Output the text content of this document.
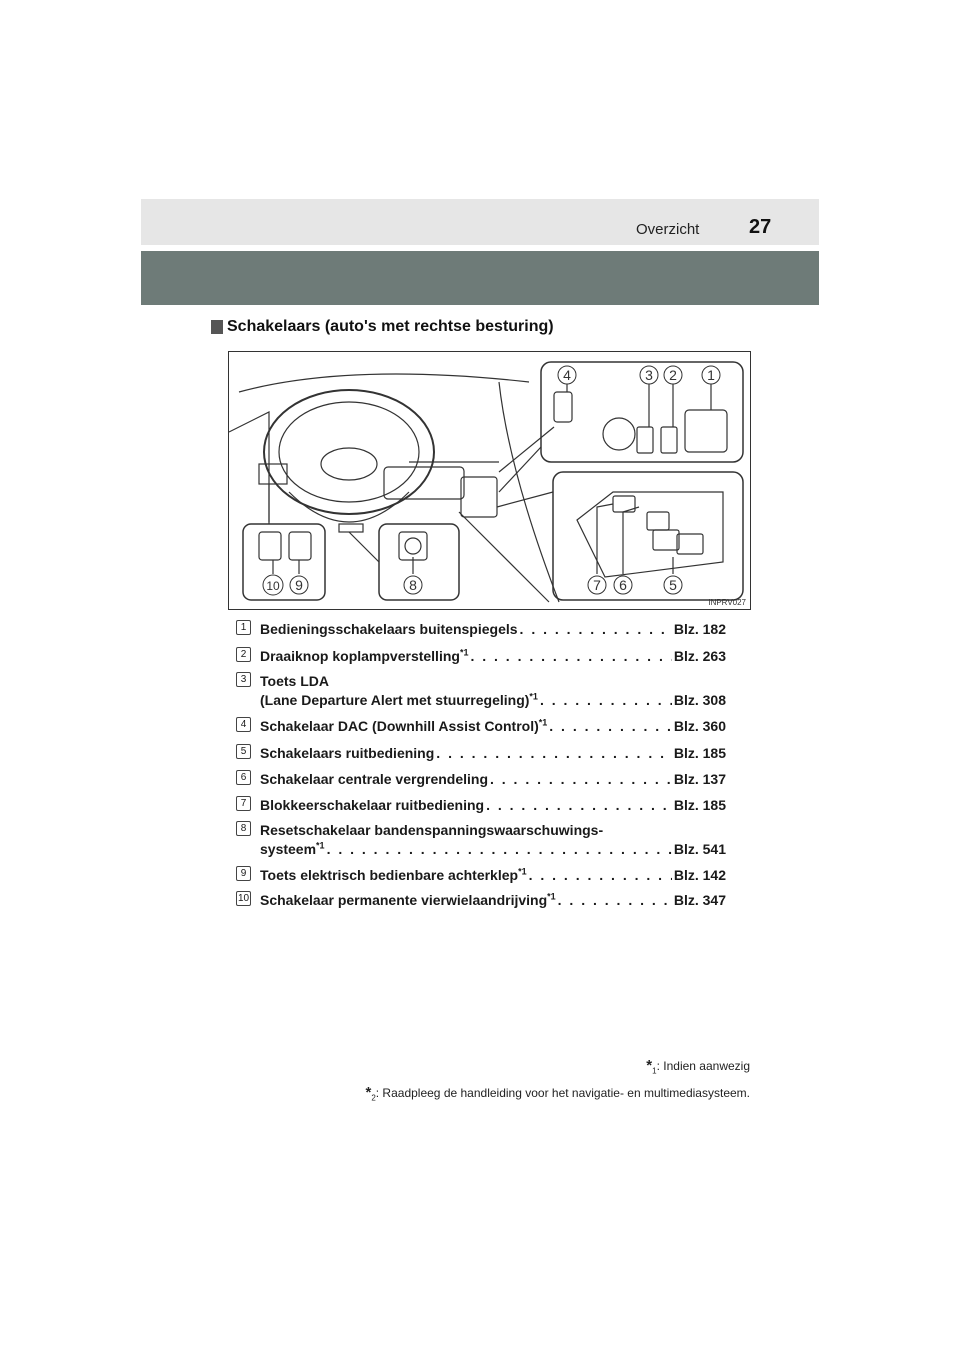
Overzicht 27
Schakelaars (auto's met rechtse besturing)
4	3 2 1
7 6	5
10 9	8
INPRV027
1 Bedieningsschakelaars buitenspiegels . . .	Blz. 182
2 Draaiknop koplampverstelling$^{*1}$ . . .	Blz. 263
3 Toets LDA
(Lane Departure Alert met stuurregeling)$^{*1}$ . . .	Blz. 308
4 Schakelaar DAC (Downhill Assist Control)$^{*1}$ . . .	Blz. 360
5 Schakelaars ruitbediening . . .	Blz. 185
6 Schakelaar centrale vergrendeling . . .	Blz. 137
7 Blokkeerschakelaar ruitbediening . . .	Blz. 185
8 Resetschakelaar bandenspanningswaarschuwings-
systeem$^{*1}$ . . .	Blz. 541
9 Toets elektrisch bedienbare achterklep$^{*1}$ . . .	Blz. 142
10 Schakelaar permanente vierwielaandrijving$^{*1}$ . . .	Blz. 347
$*_1$: Indien aanwezig
$*_2$: Raadpleeg de handleiding voor het navigatie- en multimediasysteem.
